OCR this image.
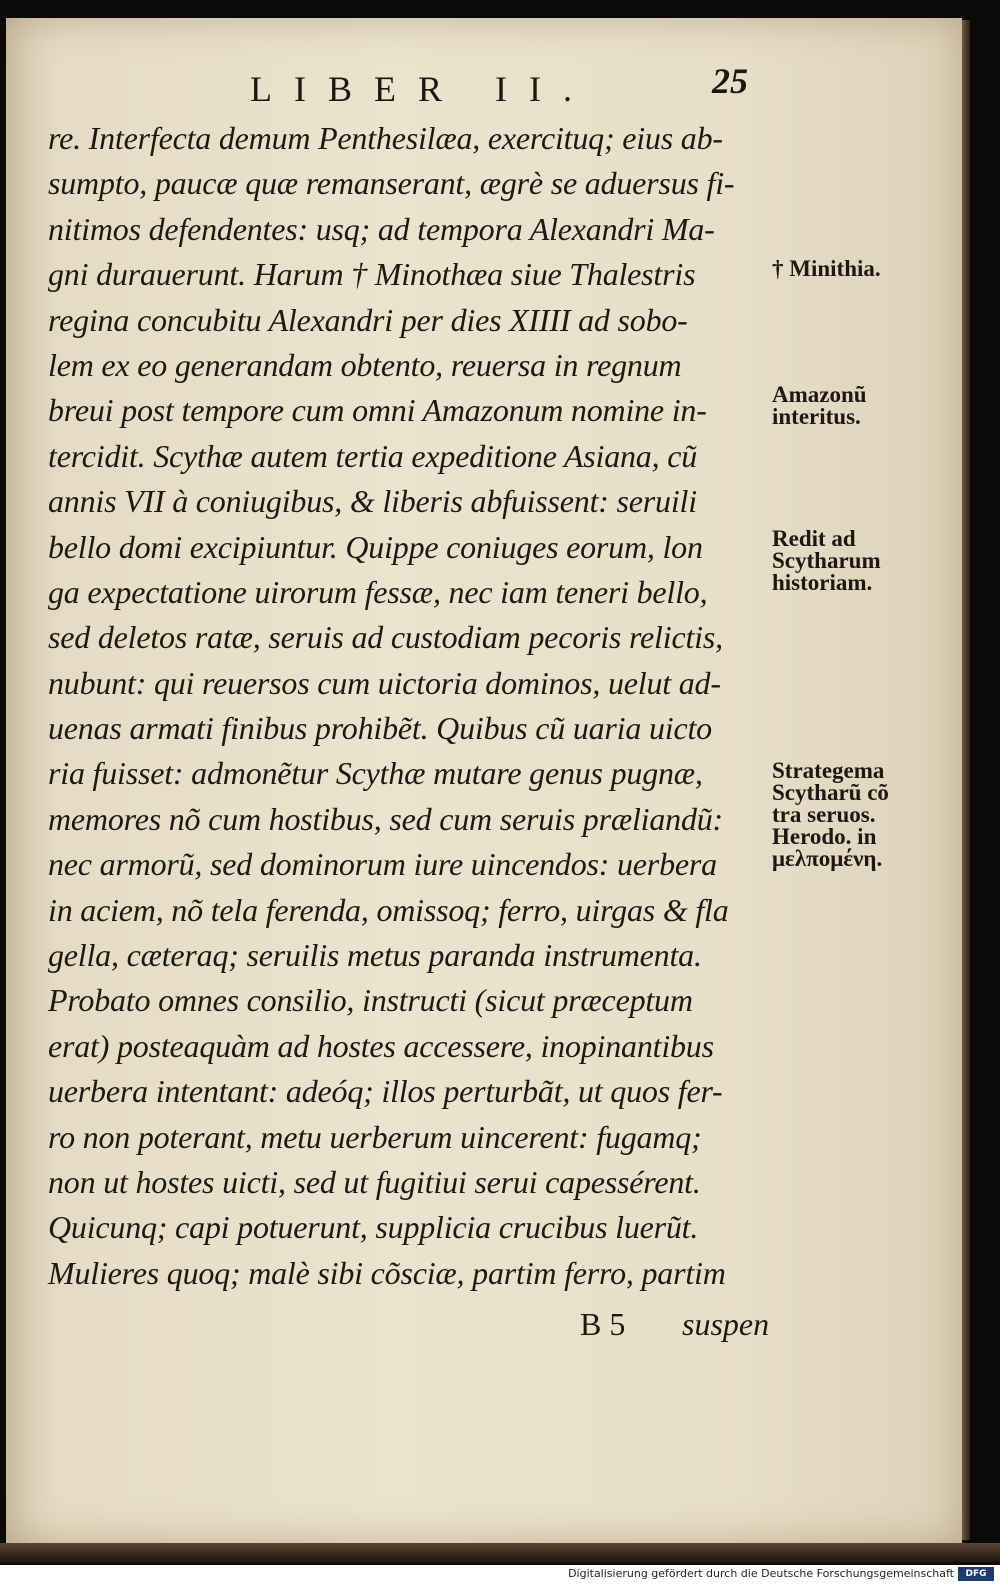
LIBER II.	25
re. Interfecta demum Penthesilæa, exercituq; eius ab-
sumpto, paucæ quæ remanserant, ægrè se aduersus fi-
nitimos defendentes: usq; ad tempora Alexandri Ma-
gni durauerunt. Harum † Minothæa siue Thalestris
regina concubitu Alexandri per dies XIIII ad sobo-
lem ex eo generandam obtento, reuersa in regnum
breui post tempore cum omni Amazonum nomine in-
tercidit. Scythæ autem tertia expeditione Asiana, cũ
annis VII à coniugibus, & liberis abfuissent: seruili
bello domi excipiuntur. Quippe coniuges eorum, lon
ga expectatione uirorum fessæ, nec iam teneri bello,
sed deletos ratæ, seruis ad custodiam pecoris relictis,
nubunt: qui reuersos cum uictoria dominos, uelut ad-
uenas armati finibus prohibẽt. Quibus cũ uaria uicto
ria fuisset: admonẽtur Scythæ mutare genus pugnæ,
memores nõ cum hostibus, sed cum seruis præliandũ:
nec armorũ, sed dominorum iure uincendos: uerbera
in aciem, nõ tela ferenda, omissoq; ferro, uirgas & fla
gella, cæteraq; seruilis metus paranda instrumenta.
Probato omnes consilio, instructi (sicut præceptum
erat) posteaquàm ad hostes accessere, inopinantibus
uerbera intentant: adeóq; illos perturbãt, ut quos fer-
ro non poterant, metu uerberum uincerent: fugamq;
non ut hostes uicti, sed ut fugitiui serui capessérent.
Quicunq; capi potuerunt, supplicia crucibus luerũt.
Mulieres quoq; malè sibi cõsciæ, partim ferro, partim
B 5 suspen
† Minithia.
Amazonũ
interitus.
Redit ad
Scytharum
historiam.
Strategema
Scytharũ cõ
tra seruos.
Herodo. in
μελπομένη.
Digitalisierung gefördert durch die Deutsche Forschungsgemeinschaft	DFG
